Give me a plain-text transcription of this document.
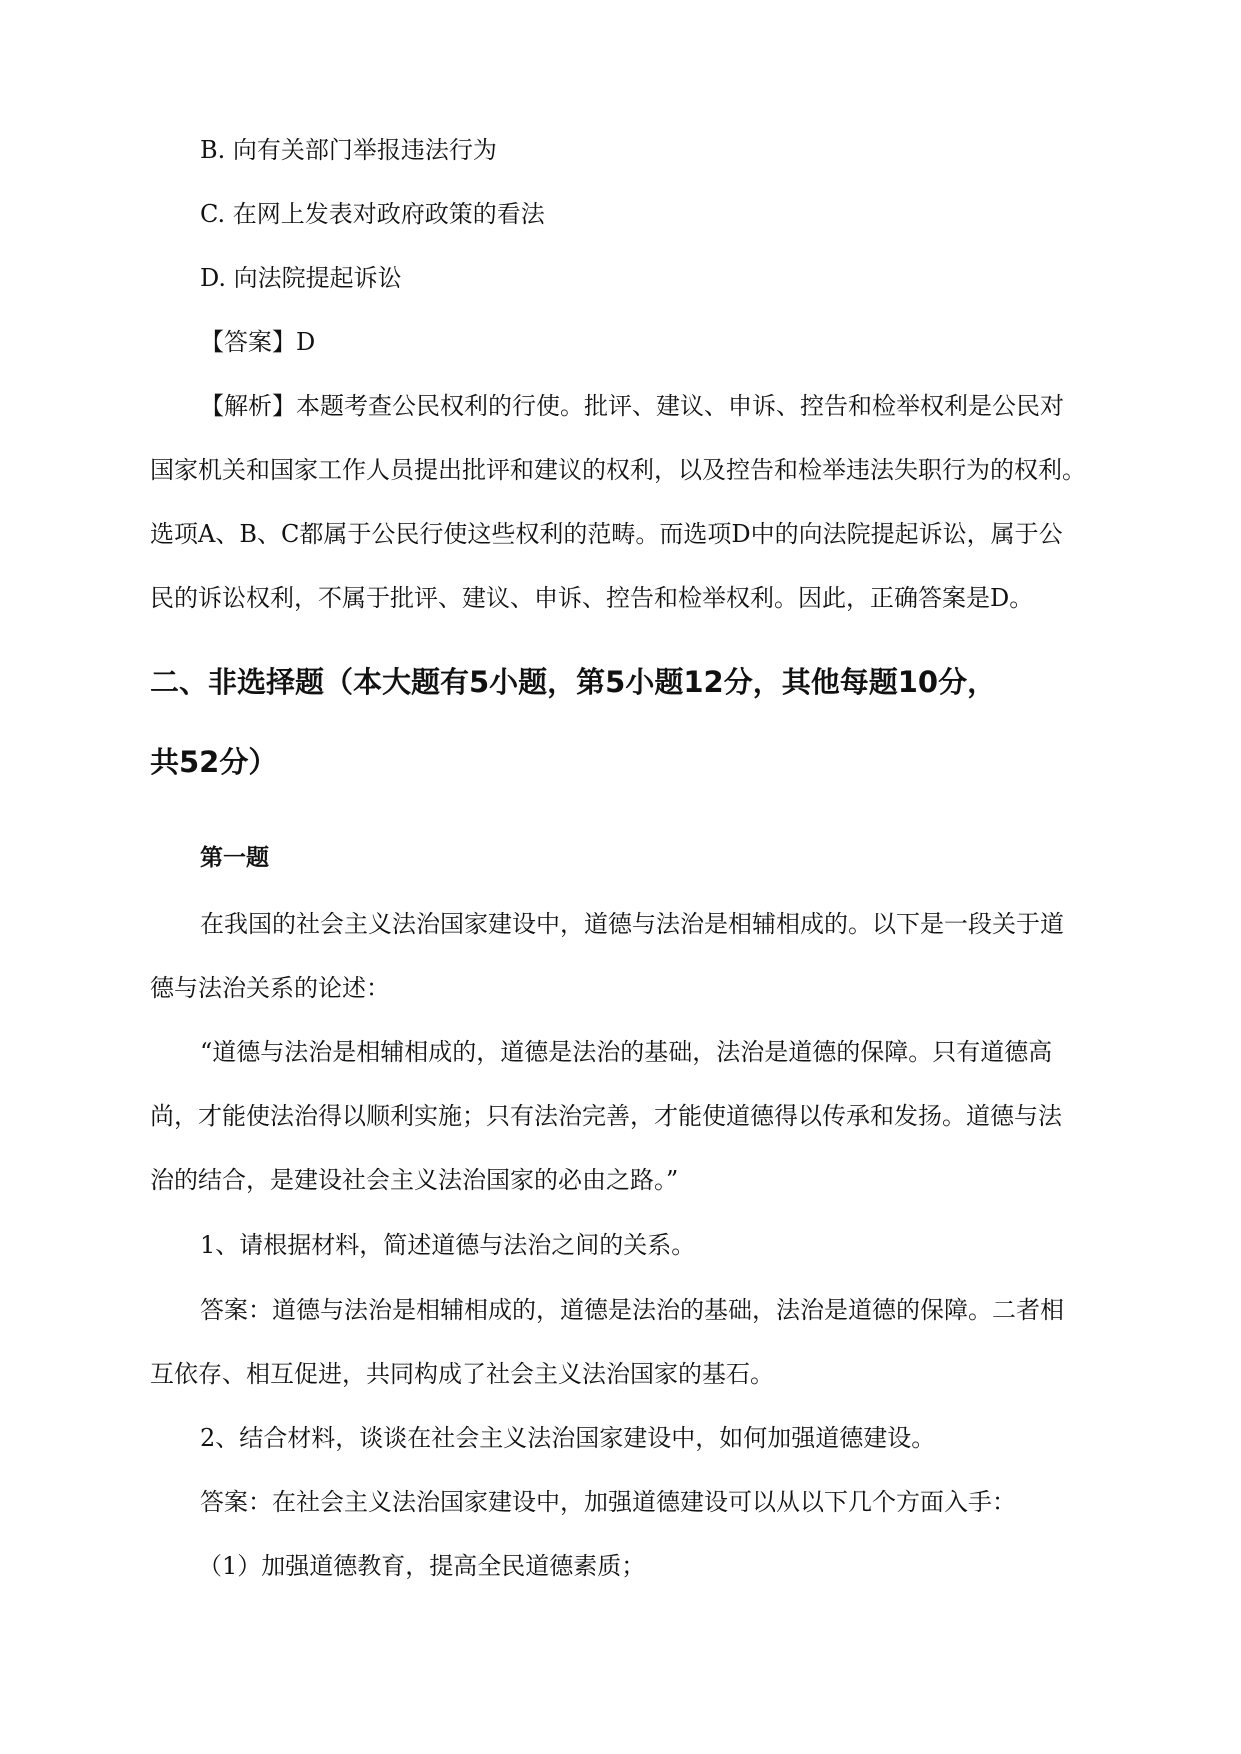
B. 向有关部门举报违法行为
C. 在网上发表对政府政策的看法
D. 向法院提起诉讼
【答案】D
【解析】本题考查公民权利的行使。批评、建议、申诉、控告和检举权利是公民对
国家机关和国家工作人员提出批评和建议的权利，以及控告和检举违法失职行为的权利。
选项A、B、C都属于公民行使这些权利的范畴。而选项D中的向法院提起诉讼，属于公
民的诉讼权利，不属于批评、建议、申诉、控告和检举权利。因此，正确答案是D。
二、非选择题（本大题有5小题，第5小题12分，其他每题10分，
共52分）
第一题
在我国的社会主义法治国家建设中，道德与法治是相辅相成的。以下是一段关于道
德与法治关系的论述：
“道德与法治是相辅相成的，道德是法治的基础，法治是道德的保障。只有道德高
尚，才能使法治得以顺利实施；只有法治完善，才能使道德得以传承和发扬。道德与法
治的结合，是建设社会主义法治国家的必由之路。”
1、请根据材料，简述道德与法治之间的关系。
答案：道德与法治是相辅相成的，道德是法治的基础，法治是道德的保障。二者相
互依存、相互促进，共同构成了社会主义法治国家的基石。
2、结合材料，谈谈在社会主义法治国家建设中，如何加强道德建设。
答案：在社会主义法治国家建设中，加强道德建设可以从以下几个方面入手：
（1）加强道德教育，提高全民道德素质；
